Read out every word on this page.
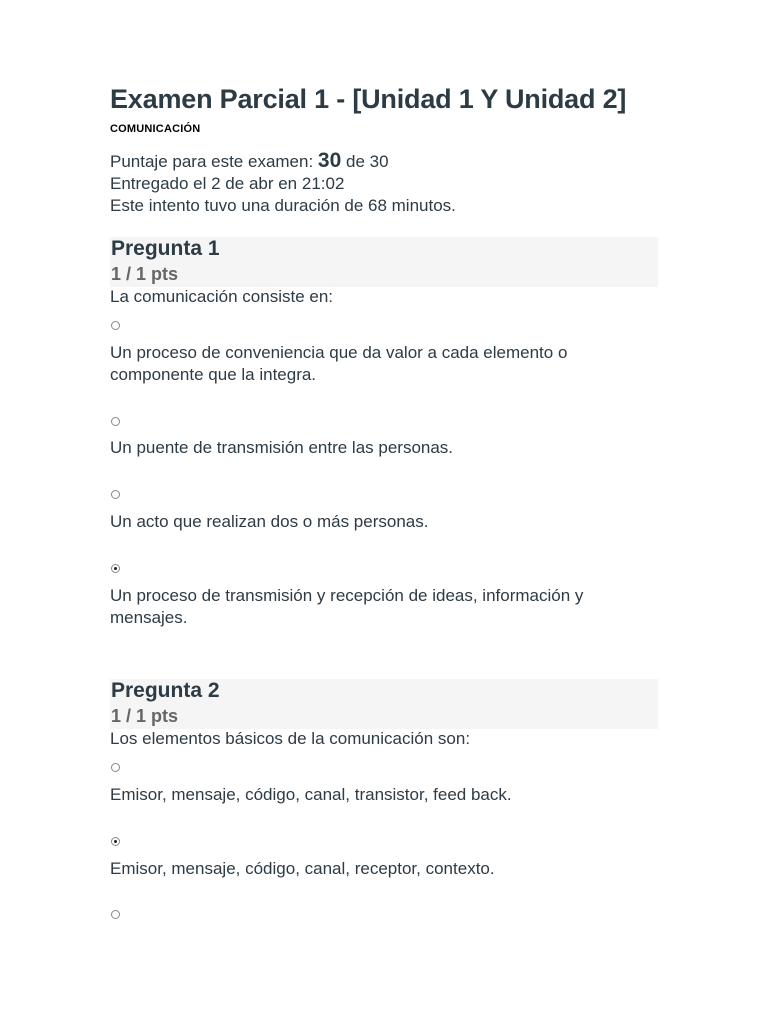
Examen Parcial 1 - [Unidad 1 Y Unidad 2]
COMUNICACIÓN
Puntaje para este examen: 30 de 30
Entregado el 2 de abr en 21:02
Este intento tuvo una duración de 68 minutos.
Pregunta 1
1 / 1 pts
La comunicación consiste en:
Un proceso de conveniencia que da valor a cada elemento o componente que la integra.
Un puente de transmisión entre las personas.
Un acto que realizan dos o más personas.
Un proceso de transmisión y recepción de ideas, información y mensajes.
Pregunta 2
1 / 1 pts
Los elementos básicos de la comunicación son:
Emisor, mensaje, código, canal, transistor, feed back.
Emisor, mensaje, código, canal, receptor, contexto.
